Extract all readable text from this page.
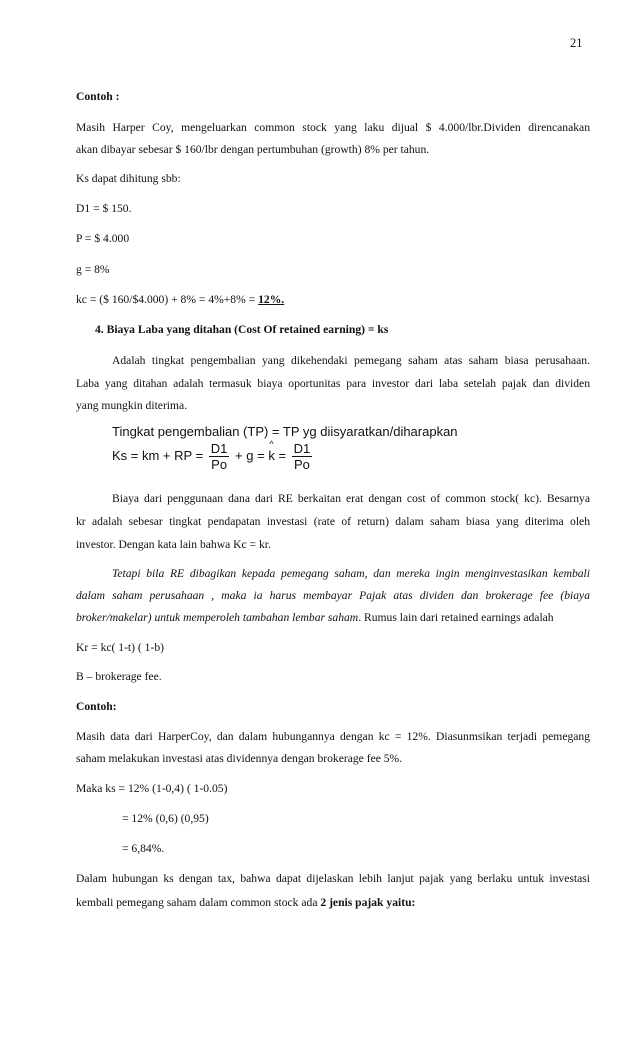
21
Contoh :
Masih Harper Coy, mengeluarkan common stock yang laku dijual $ 4.000/lbr.Dividen direncanakan
akan dibayar sebesar $ 160/lbr dengan pertumbuhan (growth) 8% per tahun.
Ks dapat dihitung sbb:
D1 = $ 150.
P = $ 4.000
g = 8%
kc = ($ 160/$4.000) + 8% = 4%+8% = 12%.
4. Biaya Laba yang ditahan (Cost Of retained earning) = ks
Adalah tingkat pengembalian yang dikehendaki pemegang saham atas saham biasa perusahaan.
Laba yang ditahan adalah termasuk biaya oportunitas para investor dari laba setelah pajak dan dividen
yang mungkin diterima.
Tingkat pengembalian (TP) = TP yg diisyaratkan/diharapkan
Ks = km + RP = $\frac{D1}{Po} + g$ =
^
$k = \frac{D1}{Po}$
Biaya dari penggunaan dana dari RE berkaitan erat dengan cost of common stock( kc). Besarnya
kr adalah sebesar tingkat pendapatan investasi (rate of return) dalam saham biasa yang diterima oleh
investor. Dengan kata lain bahwa Kc = kr.
Tetapi bila RE dibagikan kepada pemegang saham, dan mereka ingin menginvestasikan kembali
dalam saham perusahaan , maka ia harus membayar Pajak atas dividen dan brokerage fee (biaya
broker/makelar) untuk memperoleh tambahan lembar saham. Rumus lain dari retained earnings adalah
Kr = kc( 1-t) ( 1-b)
B – brokerage fee.
Contoh:
Masih data dari HarperCoy, dan dalam hubungannya dengan kc = 12%. Diasunmsikan terjadi pemegang
saham melakukan investasi atas dividennya dengan brokerage fee 5%.
Maka ks = 12% (1-0,4) ( 1-0.05)
= 12% (0,6) (0,95)
= 6,84%.
Dalam hubungan ks dengan tax, bahwa dapat dijelaskan lebih lanjut pajak yang berlaku untuk investasi
kembali pemegang saham dalam common stock ada 2 jenis pajak yaitu:
